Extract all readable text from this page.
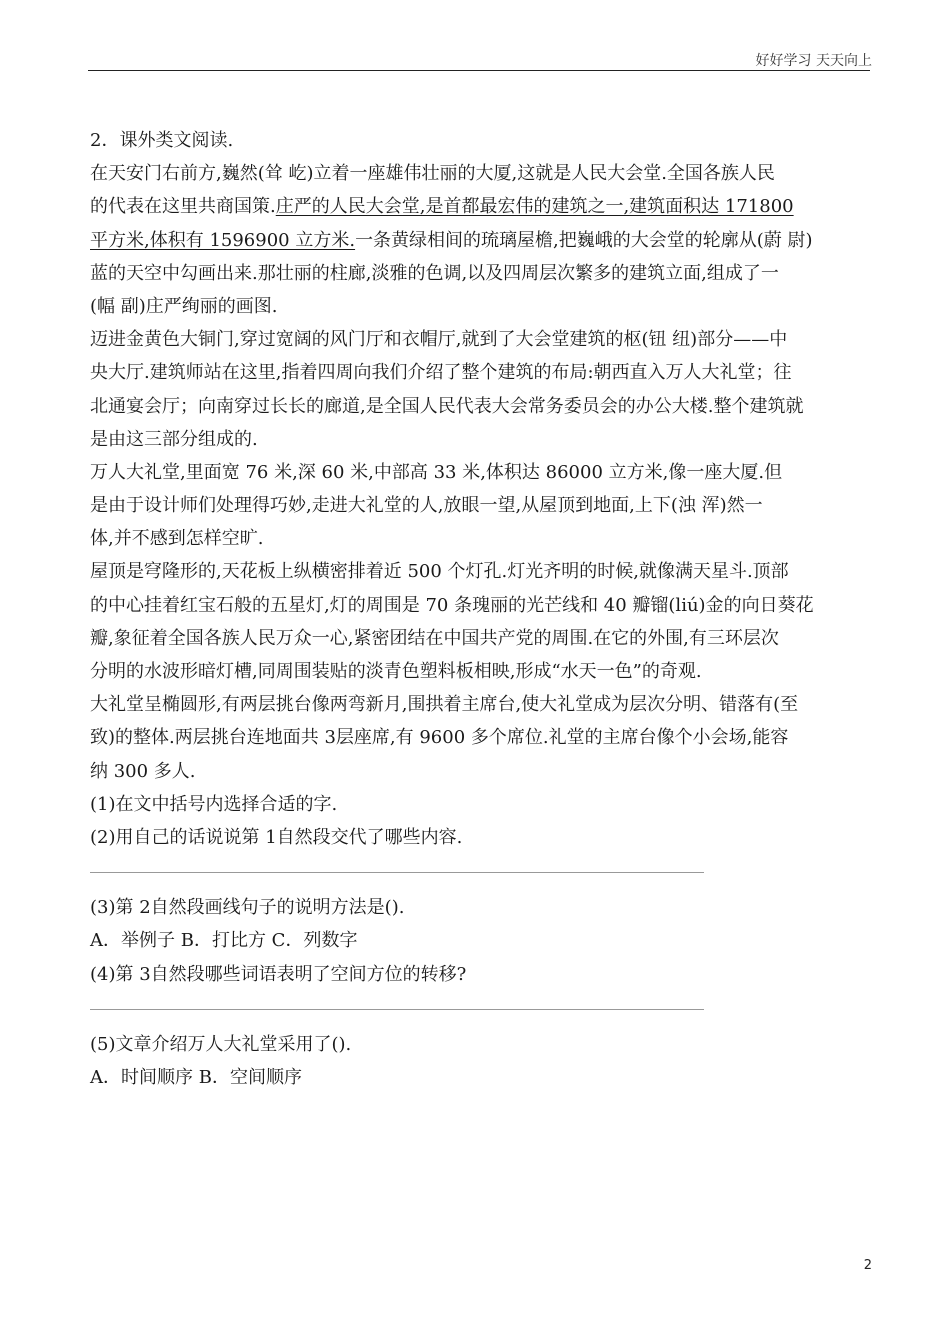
好好学习 天天向上
2．课外类文阅读.
在天安门右前方,巍然(耸 屹)立着一座雄伟壮丽的大厦,这就是人民大会堂.全国各族人民
的代表在这里共商国策.庄严的人民大会堂,是首都最宏伟的建筑之一,建筑面积达 171800
平方米,体积有 1596900 立方米.一条黄绿相间的琉璃屋檐,把巍峨的大会堂的轮廓从(蔚 尉)
蓝的天空中勾画出来.那壮丽的柱廊,淡雅的色调,以及四周层次繁多的建筑立面,组成了一
(幅 副)庄严绚丽的画图.
迈进金黄色大铜门,穿过宽阔的风门厅和衣帽厅,就到了大会堂建筑的枢(钮 纽)部分——中
央大厅.建筑师站在这里,指着四周向我们介绍了整个建筑的布局:朝西直入万人大礼堂；往
北通宴会厅；向南穿过长长的廊道,是全国人民代表大会常务委员会的办公大楼.整个建筑就
是由这三部分组成的.
万人大礼堂,里面宽 76 米,深 60 米,中部高 33 米,体积达 86000 立方米,像一座大厦.但
是由于设计师们处理得巧妙,走进大礼堂的人,放眼一望,从屋顶到地面,上下(浊 浑)然一
体,并不感到怎样空旷.
屋顶是穹隆形的,天花板上纵横密排着近 500 个灯孔.灯光齐明的时候,就像满天星斗.顶部
的中心挂着红宝石般的五星灯,灯的周围是 70 条瑰丽的光芒线和 40 瓣镏(liú)金的向日葵花
瓣,象征着全国各族人民万众一心,紧密团结在中国共产党的周围.在它的外围,有三环层次
分明的水波形暗灯槽,同周围装贴的淡青色塑料板相映,形成“水天一色”的奇观.
大礼堂呈椭圆形,有两层挑台像两弯新月,围拱着主席台,使大礼堂成为层次分明、错落有(至
致)的整体.两层挑台连地面共 3层座席,有 9600 多个席位.礼堂的主席台像个小会场,能容
纳 300 多人.
(1)在文中括号内选择合适的字.
(2)用自己的话说说第 1自然段交代了哪些内容.
(3)第 2自然段画线句子的说明方法是().
A．举例子 B．打比方 C．列数字
(4)第 3自然段哪些词语表明了空间方位的转移?
(5)文章介绍万人大礼堂采用了().
A．时间顺序 B．空间顺序
2
